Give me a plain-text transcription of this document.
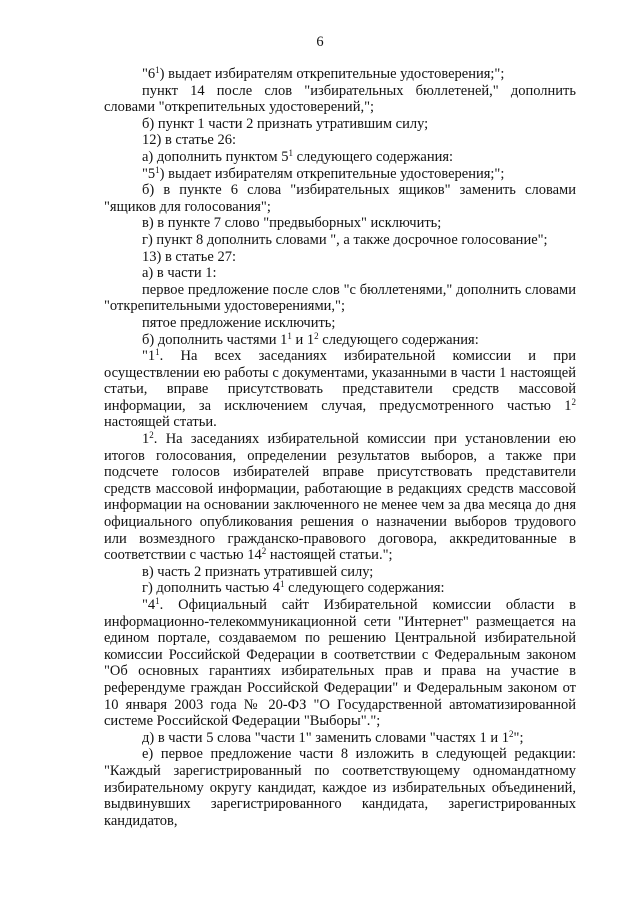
6

"$6^1$) выдает избирателям открепительные удостоверения;";

пункт 14 после слов "избирательных бюллетеней," дополнить словами "открепительных удостоверений,";

б) пункт 1 части 2 признать утратившим силу;

12) в статье 26:

а) дополнить пунктом $5^1$ следующего содержания:

"$5^1$) выдает избирателям открепительные удостоверения;";

б) в пункте 6 слова "избирательных ящиков" заменить словами "ящиков для голосования";

в) в пункте 7 слово "предвыборных" исключить;

г) пункт 8 дополнить словами ", а также досрочное голосование";

13) в статье 27:

а) в части 1:

первое предложение после слов "с бюллетенями," дополнить словами "открепительными удостоверениями,";

пятое предложение исключить;

б) дополнить частями $1^1$ и $1^2$ следующего содержания:

"$1^1$. На всех заседаниях избирательной комиссии и при осуществлении ею работы с документами, указанными в части 1 настоящей статьи, вправе присутствовать представители средств массовой информации, за исключением случая, предусмотренного частью $1^2$ настоящей статьи.

$1^2$. На заседаниях избирательной комиссии при установлении ею итогов голосования, определении результатов выборов, а также при подсчете голосов избирателей вправе присутствовать представители средств массовой информации, работающие в редакциях средств массовой информации на основании заключенного не менее чем за два месяца до дня официального опубликования решения о назначении выборов трудового или возмездного гражданско-правового договора, аккредитованные в соответствии с частью $14^2$ настоящей статьи.";

в) часть 2 признать утратившей силу;

г) дополнить частью $4^1$ следующего содержания:

"$4^1$. Официальный сайт Избирательной комиссии области в информационно-телекоммуникационной сети "Интернет" размещается на едином портале, создаваемом по решению Центральной избирательной комиссии Российской Федерации в соответствии с Федеральным законом "Об основных гарантиях избирательных прав и права на участие в референдуме граждан Российской Федерации" и Федеральным законом от 10 января 2003 года № 20-ФЗ "О Государственной автоматизированной системе Российской Федерации "Выборы".";

д) в части 5 слова "части 1" заменить словами "частях 1 и $1^2$";

е) первое предложение части 8 изложить в следующей редакции: "Каждый зарегистрированный по соответствующему одномандатному избирательному округу кандидат, каждое из избирательных объединений, выдвинувших зарегистрированного кандидата, зарегистрированных кандидатов,
